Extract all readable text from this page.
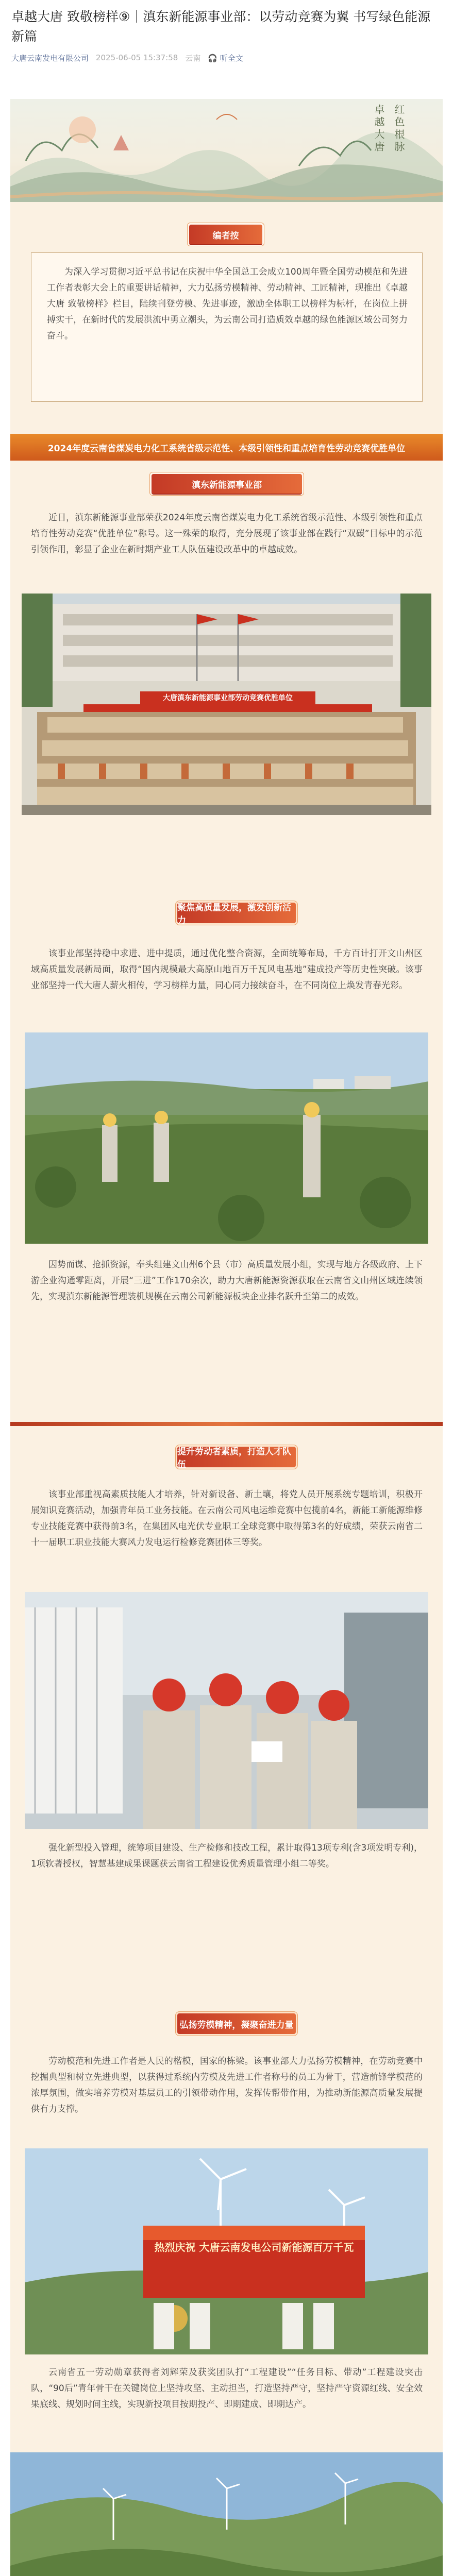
卓越大唐 致敬榜样⑨｜滇东新能源事业部：以劳动竞赛为翼 书写绿色能源新篇
大唐云南发电有限公司 2025-06-05 15:37:58 云南 🎧 听全文
红色根脉
卓越大唐
编者按

为深入学习贯彻习近平总书记在庆祝中华全国总工会成立100周年暨全国劳动模范和先进工作者表彰大会上的重要讲话精神，大力弘扬劳模精神、劳动精神、工匠精神，现推出《卓越大唐 致敬榜样》栏目，陆续刊登劳模、先进事迹，激励全体职工以榜样为标杆，在岗位上拼搏实干，在新时代的发展洪流中勇立潮头，为云南公司打造质效卓越的绿色能源区域公司努力奋斗。

2024年度云南省煤炭电力化工系统省级示范性、本级引领性和重点培育性劳动竞赛优胜单位
滇东新能源事业部

近日，滇东新能源事业部荣获2024年度云南省煤炭电力化工系统省级示范性、本级引领性和重点培育性劳动竞赛“优胜单位”称号。这一殊荣的取得，充分展现了该事业部在践行“双碳”目标中的示范引领作用，彰显了企业在新时期产业工人队伍建设改革中的卓越成效。

大唐滇东新能源事业部劳动竞赛优胜单位
聚焦高质量发展，激发创新活力

该事业部坚持稳中求进、进中提质，通过优化整合资源，全面统筹布局，千方百计打开文山州区域高质量发展新局面，取得“国内规模最大高原山地百万千瓦风电基地”建成投产等历史性突破。该事业部坚持一代大唐人薪火相传，学习榜样力量，同心同力接续奋斗，在不同岗位上焕发青春光彩。

因势而谋、抢抓资源，奉头组建文山州6个县（市）高质量发展小组，实现与地方各级政府、上下游企业沟通零距离，开展“三进”工作170余次，助力大唐新能源资源获取在云南省文山州区域连续领先，实现滇东新能源管理装机规模在云南公司新能源板块企业排名跃升至第二的成效。

提升劳动者素质，打造人才队伍

该事业部重视高素质技能人才培养，针对新设备、新土壤，将党人员开展系统专题培训，积极开展知识竞赛活动，加强青年员工业务技能。在云南公司风电运维竞赛中包揽前4名，新能工新能源维修专业技能竞赛中获得前3名，在集团风电光伏专业职工全球竞赛中取得第3名的好成绩，荣获云南省二十一届职工职业技能大赛风力发电运行检修竞赛团体三等奖。

强化新型投入管理，统筹项目建设、生产检修和技改工程，累计取得13项专利(含3项发明专利)，1项软著授权，智慧基建成果课题获云南省工程建设优秀质量管理小组二等奖。

弘扬劳模精神，凝聚奋进力量

劳动模范和先进工作者是人民的楷模，国家的栋梁。该事业部大力弘扬劳模精神，在劳动竞赛中挖掘典型和树立先进典型，以获得过系统内劳模及先进工作者称号的员工为骨干，营造前锋学模范的浓厚氛围，做实培养劳模对基层员工的引领带动作用，发挥传帮带作用，为推动新能源高质量发展提供有力支撑。

热烈庆祝 大唐云南发电公司新能源百万千瓦

云南省五一劳动勋章获得者刘辉荣及获奖团队打“工程建设”“任务目标、带动”工程建设突击队，“90后”青年骨干在关键岗位上坚持攻坚、主动担当，打造坚持严守，坚持严守资源红线、安全效果底线、规划时间主线，实现新投项目按期投产、即期建成、即期达产。
